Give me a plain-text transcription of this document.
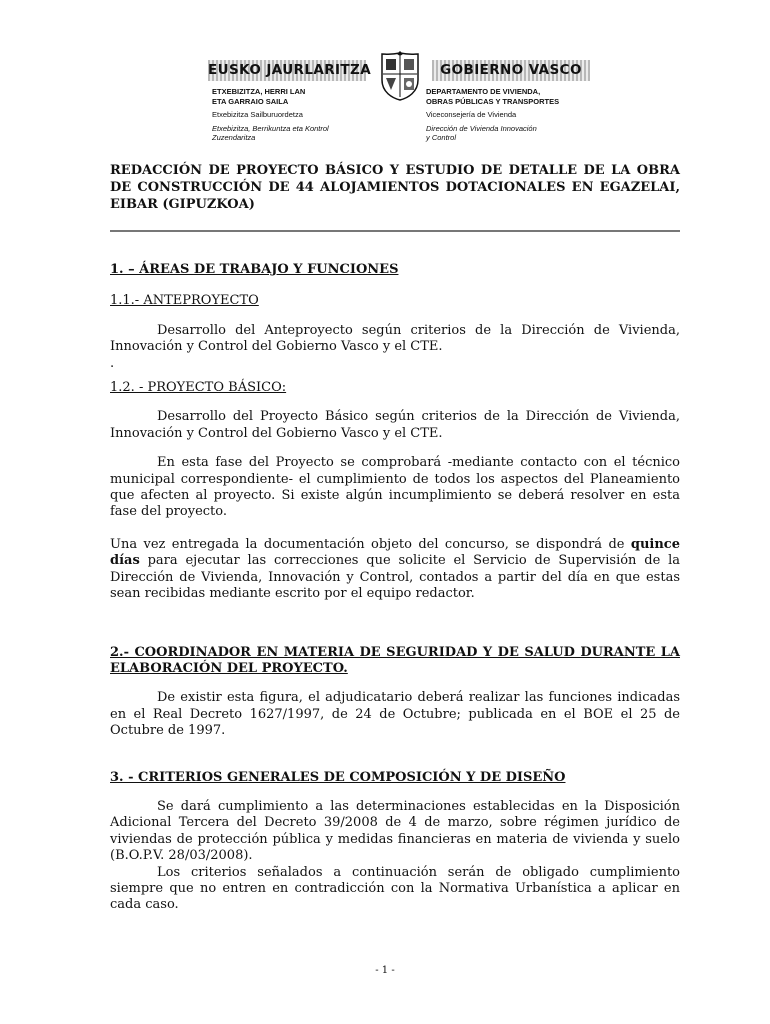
EUSKO JAURLARITZA	GOBIERNO VASCO
ETXEBIZITZA, HERRI LAN
ETA GARRAIO SAILA
Etxebizitza Sailburuordetza
Etxebizitza, Berrikuntza eta Kontrol
Zuzendaritza
DEPARTAMENTO DE VIVIENDA,
OBRAS PÚBLICAS Y TRANSPORTES
Viceconsejería de Vivienda
Dirección de Vivienda Innovación
y Control

REDACCIÓN DE PROYECTO BÁSICO Y ESTUDIO DE DETALLE DE LA OBRA DE CONSTRUCCIÓN DE 44 ALOJAMIENTOS DOTACIONALES EN EGAZELAI, EIBAR (GIPUZKOA)

1. – ÁREAS DE TRABAJO Y FUNCIONES

1.1.- ANTEPROYECTO

Desarrollo del Anteproyecto según criterios de la Dirección de Vivienda, Innovación y Control del Gobierno Vasco y el CTE.

.

1.2. - PROYECTO BÁSICO:

Desarrollo del Proyecto Básico según criterios de la Dirección de Vivienda, Innovación y Control del Gobierno Vasco y el CTE.

En esta fase del Proyecto se comprobará -mediante contacto con el técnico municipal correspondiente- el cumplimiento de todos los aspectos del Planeamiento que afecten al proyecto. Si existe algún incumplimiento se deberá resolver en esta fase del proyecto.

Una vez entregada la documentación objeto del concurso, se dispondrá de quince días para ejecutar las correcciones que solicite el Servicio de Supervisión de la Dirección de Vivienda, Innovación y Control, contados a partir del día en que estas sean recibidas mediante escrito por el equipo redactor.

2.- COORDINADOR EN MATERIA DE SEGURIDAD Y DE SALUD DURANTE LA ELABORACIÓN DEL PROYECTO.

De existir esta figura, el adjudicatario deberá realizar las funciones indicadas en el Real Decreto 1627/1997, de 24 de Octubre; publicada en el BOE el 25 de Octubre de 1997.

3. - CRITERIOS GENERALES DE COMPOSICIÓN Y DE DISEÑO

Se dará cumplimiento a las determinaciones establecidas en la Disposición Adicional Tercera del Decreto 39/2008 de 4 de marzo, sobre régimen jurídico de viviendas de protección pública y medidas financieras en materia de vivienda y suelo (B.O.P.V. 28/03/2008).

Los criterios señalados a continuación serán de obligado cumplimiento siempre que no entren en contradicción con la Normativa Urbanística a aplicar en cada caso.

- 1 -
